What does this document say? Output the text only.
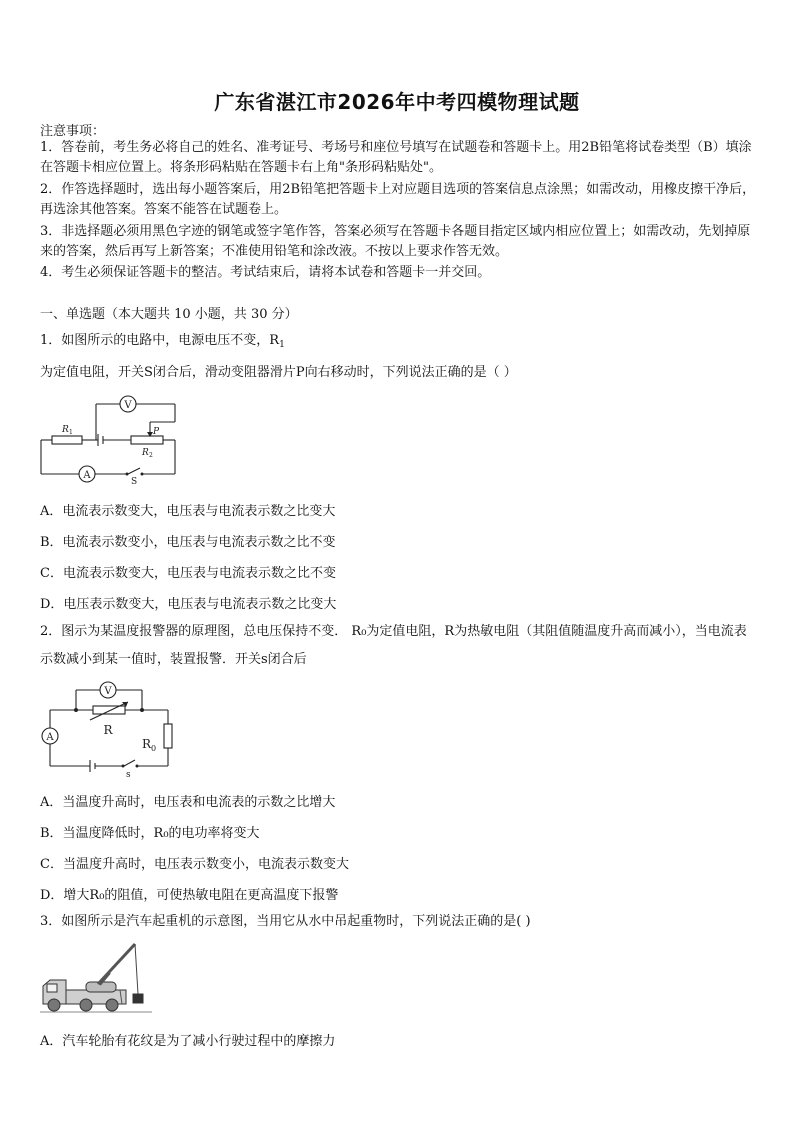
广东省湛江市2026年中考四模物理试题
注意事项：
1．答卷前，考生务必将自己的姓名、准考证号、考场号和座位号填写在试题卷和答题卡上。用2B铅笔将试卷类型（B）填涂在答题卡相应位置上。将条形码粘贴在答题卡右上角"条形码粘贴处"。
2．作答选择题时，选出每小题答案后，用2B铅笔把答题卡上对应题目选项的答案信息点涂黑；如需改动，用橡皮擦干净后，再选涂其他答案。答案不能答在试题卷上。
3．非选择题必须用黑色字迹的钢笔或签字笔作答，答案必须写在答题卡各题目指定区域内相应位置上；如需改动，先划掉原来的答案，然后再写上新答案；不准使用铅笔和涂改液。不按以上要求作答无效。
4．考生必须保证答题卡的整洁。考试结束后，请将本试卷和答题卡一并交回。
一、单选题（本大题共 10 小题，共 30 分）
1．如图所示的电路中，电源电压不变，$R_1$为定值电阻，开关S闭合后，滑动变阻器滑片P向右移动时，下列说法正确的是（ ）
V
A
R 1	P
R 2
S
A．电流表示数变大，电压表与电流表示数之比变大
B．电流表示数变小，电压表与电流表示数之比不变
C．电流表示数变大，电压表与电流表示数之比不变
D．电压表示数变大，电压表与电流表示数之比变大
2．图示为某温度报警器的原理图，总电压保持不变． R₀为定值电阻，R为热敏电阻（其阻值随温度升高而减小），当电流表示数减小到某一值时，装置报警．开关s闭合后
V
A
R
R 0
s
A．当温度升高时，电压表和电流表的示数之比增大
B．当温度降低时，R₀的电功率将变大
C．当温度升高时，电压表示数变小，电流表示数变大
D．增大R₀的阻值，可使热敏电阻在更高温度下报警
3．如图所示是汽车起重机的示意图，当用它从水中吊起重物时，下列说法正确的是( )
A．汽车轮胎有花纹是为了减小行驶过程中的摩擦力
